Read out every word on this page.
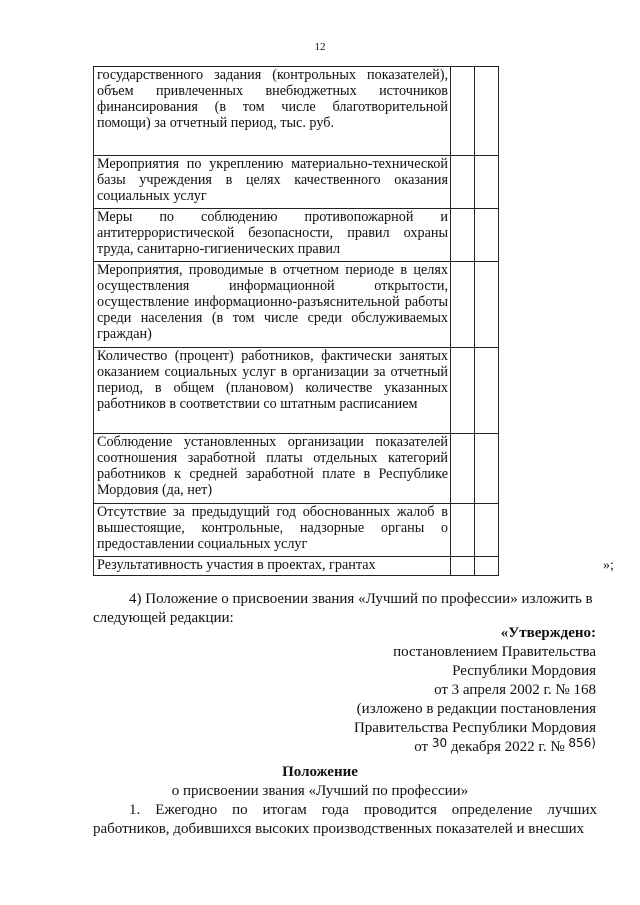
12
государственного задания (контрольных показателей), объем привлеченных внебюджетных источников финансирования (в том числе благотворительной помощи) за отчетный период, тыс. руб.		
Мероприятия по укреплению материально-технической базы учреждения в целях качественного оказания социальных услуг		
Меры по соблюдению противопожарной и антитеррористической безопасности, правил охраны труда, санитарно-гигиенических правил		
Мероприятия, проводимые в отчетном периоде в целях осуществления информационной открытости, осуществление информационно-разъяснительной работы среди населения (в том числе среди обслуживаемых граждан)		
Количество (процент) работников, фактически занятых оказанием социальных услуг в организации за отчетный период, в общем (плановом) количестве указанных работников в соответствии со штатным расписанием		
Соблюдение установленных организации показателей соотношения заработной платы отдельных категорий работников к средней заработной плате в Республике Мордовия (да, нет)		
Отсутствие за предыдущий год обоснованных жалоб в вышестоящие, контрольные, надзорные органы о предоставлении социальных услуг		
Результативность участия в проектах, грантах			»;
4) Положение о присвоении звания «Лучший по профессии» изложить в следующей редакции:
«Утверждено:
постановлением Правительства
Республики Мордовия
от 3 апреля 2002 г. № 168
(изложено в редакции постановления
Правительства Республики Мордовия
от $^{30}$ декабря 2022 г. № $^{856)}$
Положение
о присвоении звания «Лучший по профессии»
1. Ежегодно по итогам года проводится определение лучших работников, добившихся высоких производственных показателей и внесших
